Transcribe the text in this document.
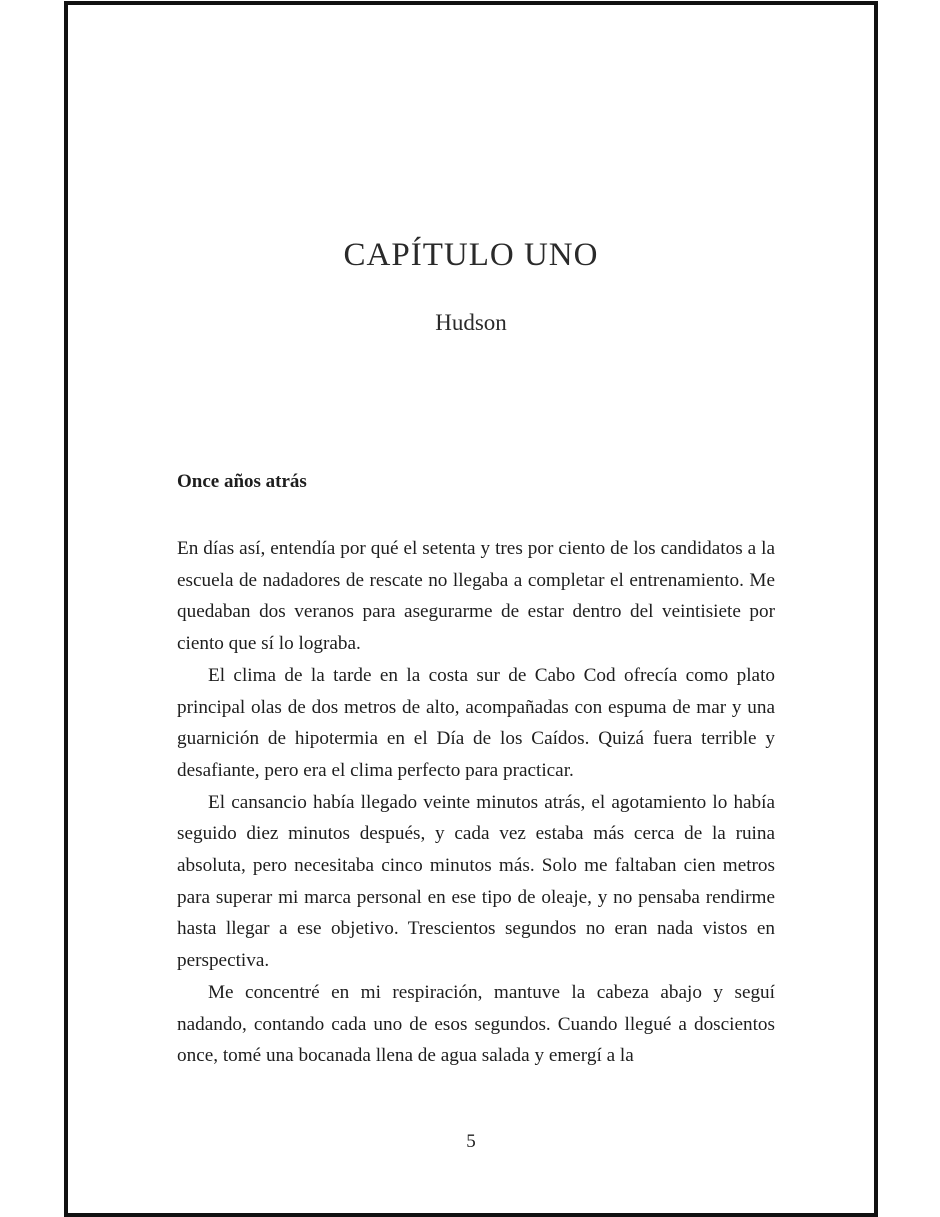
CAPÍTULO UNO
Hudson
Once años atrás

En días así, entendía por qué el setenta y tres por ciento de los candidatos a la escuela de nadadores de rescate no llegaba a completar el entrenamiento. Me quedaban dos veranos para asegurarme de estar dentro del veintisiete por ciento que sí lo lograba.

El clima de la tarde en la costa sur de Cabo Cod ofrecía como plato principal olas de dos metros de alto, acompañadas con espuma de mar y una guarnición de hipotermia en el Día de los Caídos. Quizá fuera terrible y desafiante, pero era el clima perfecto para practicar.

El cansancio había llegado veinte minutos atrás, el agotamiento lo había seguido diez minutos después, y cada vez estaba más cerca de la ruina absoluta, pero necesitaba cinco minutos más. Solo me faltaban cien metros para superar mi marca personal en ese tipo de oleaje, y no pensaba rendirme hasta llegar a ese objetivo. Trescientos segundos no eran nada vistos en perspectiva.

Me concentré en mi respiración, mantuve la cabeza abajo y seguí nadando, contando cada uno de esos segundos. Cuando llegué a doscientos once, tomé una bocanada llena de agua salada y emergí a la

5
